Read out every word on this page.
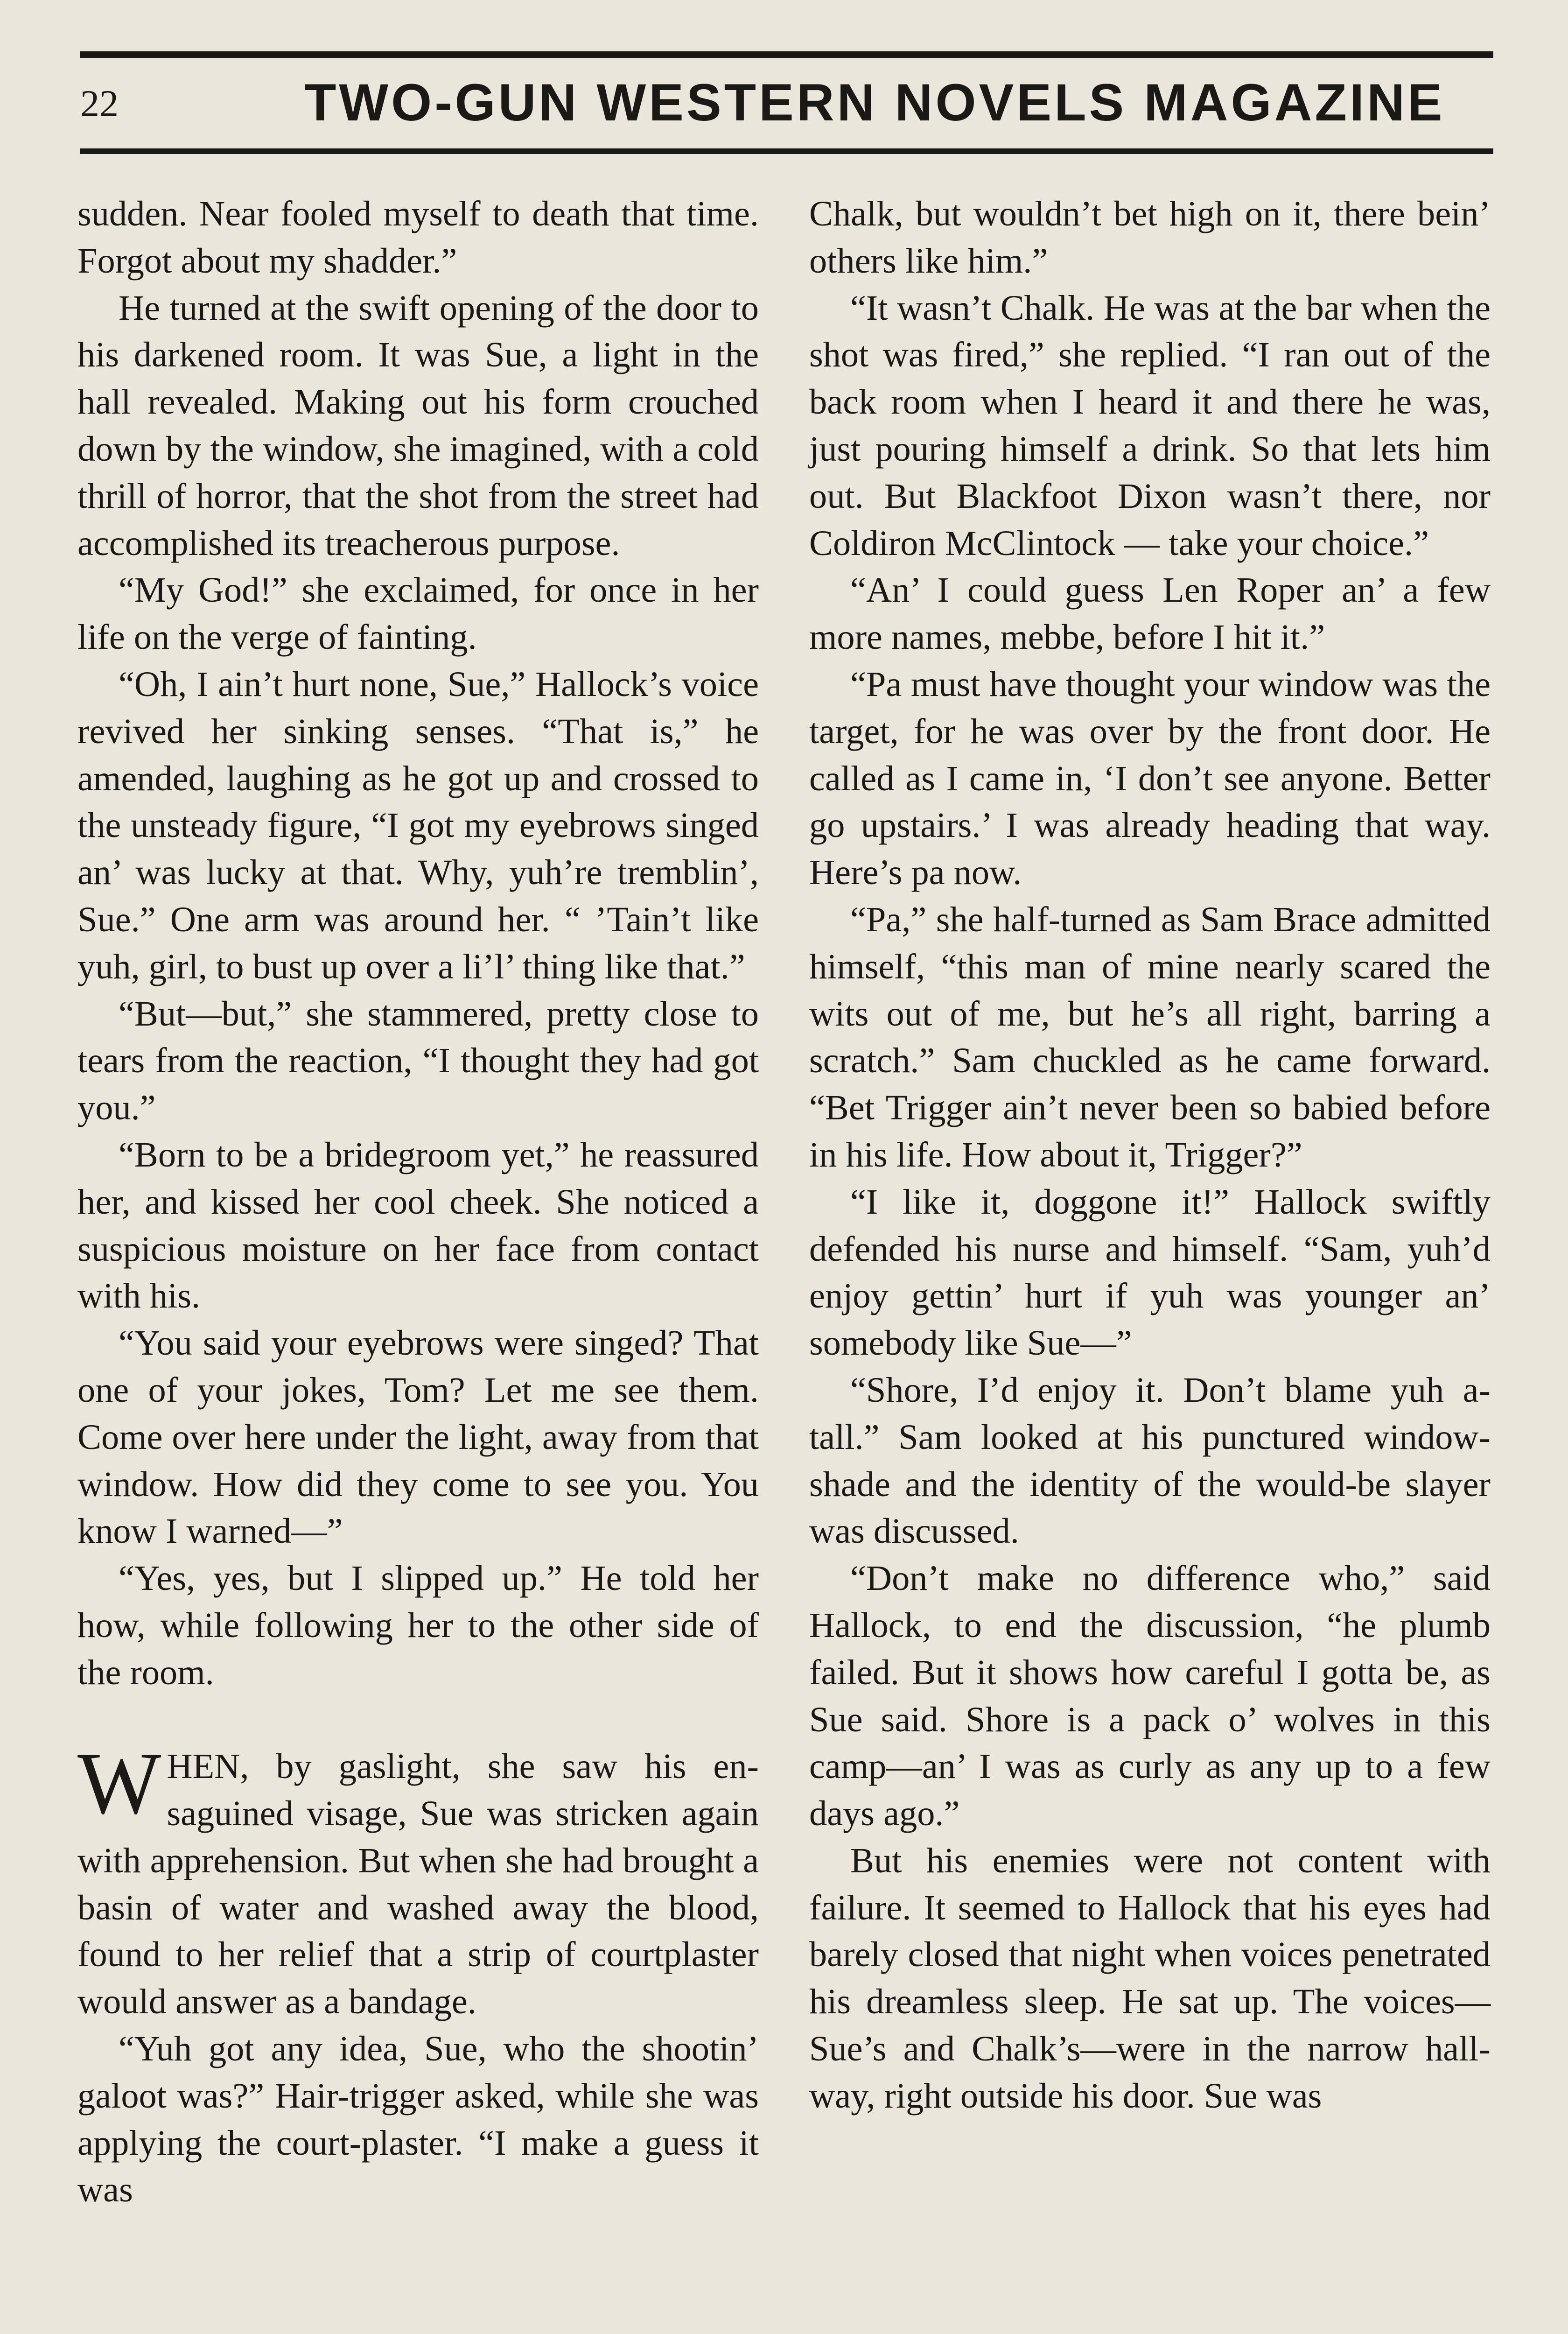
22	TWO-GUN WESTERN NOVELS MAGAZINE

sudden. Near fooled myself to death that time. Forgot about my shadder.”

He turned at the swift opening of the door to his darkened room. It was Sue, a light in the hall revealed. Making out his form crouched down by the window, she imagined, with a cold thrill of horror, that the shot from the street had accomplished its treacherous purpose.

“My God!” she exclaimed, for once in her life on the verge of fainting.

“Oh, I ain’t hurt none, Sue,” Hallock’s voice revived her sinking senses. “That is,” he amended, laughing as he got up and crossed to the unsteady figure, “I got my eyebrows singed an’ was lucky at that. Why, yuh’re tremblin’, Sue.” One arm was around her. “ ’Tain’t like yuh, girl, to bust up over a li’l’ thing like that.”

“But—but,” she stammered, pretty close to tears from the reaction, “I thought they had got you.”

“Born to be a bridegroom yet,” he reassured her, and kissed her cool cheek. She noticed a suspicious moisture on her face from contact with his.

“You said your eyebrows were singed? That one of your jokes, Tom? Let me see them. Come over here under the light, away from that window. How did they come to see you. You know I warned—”

“Yes, yes, but I slipped up.” He told her how, while following her to the other side of the room.

WHEN, by gaslight, she saw his ensaguined visage, Sue was stricken again with apprehension. But when she had brought a basin of water and washed away the blood, found to her relief that a strip of courtplaster would answer as a bandage.

“Yuh got any idea, Sue, who the shootin’ galoot was?” Hair-trigger asked, while she was applying the court-plaster. “I make a guess it was

Chalk, but wouldn’t bet high on it, there bein’ others like him.”

“It wasn’t Chalk. He was at the bar when the shot was fired,” she replied. “I ran out of the back room when I heard it and there he was, just pouring himself a drink. So that lets him out. But Blackfoot Dixon wasn’t there, nor Coldiron McClintock — take your choice.”

“An’ I could guess Len Roper an’ a few more names, mebbe, before I hit it.”

“Pa must have thought your window was the target, for he was over by the front door. He called as I came in, ‘I don’t see anyone. Better go upstairs.’ I was already heading that way. Here’s pa now.

“Pa,” she half-turned as Sam Brace admitted himself, “this man of mine nearly scared the wits out of me, but he’s all right, barring a scratch.” Sam chuckled as he came forward. “Bet Trigger ain’t never been so babied before in his life. How about it, Trigger?”

“I like it, doggone it!” Hallock swiftly defended his nurse and himself. “Sam, yuh’d enjoy gettin’ hurt if yuh was younger an’ somebody like Sue—”

“Shore, I’d enjoy it. Don’t blame yuh a-tall.” Sam looked at his punctured window-shade and the identity of the would-be slayer was discussed.

“Don’t make no difference who,” said Hallock, to end the discussion, “he plumb failed. But it shows how careful I gotta be, as Sue said. Shore is a pack o’ wolves in this camp—an’ I was as curly as any up to a few days ago.”

But his enemies were not content with failure. It seemed to Hallock that his eyes had barely closed that night when voices penetrated his dreamless sleep. He sat up. The voices—Sue’s and Chalk’s—were in the narrow hallway, right outside his door. Sue was
